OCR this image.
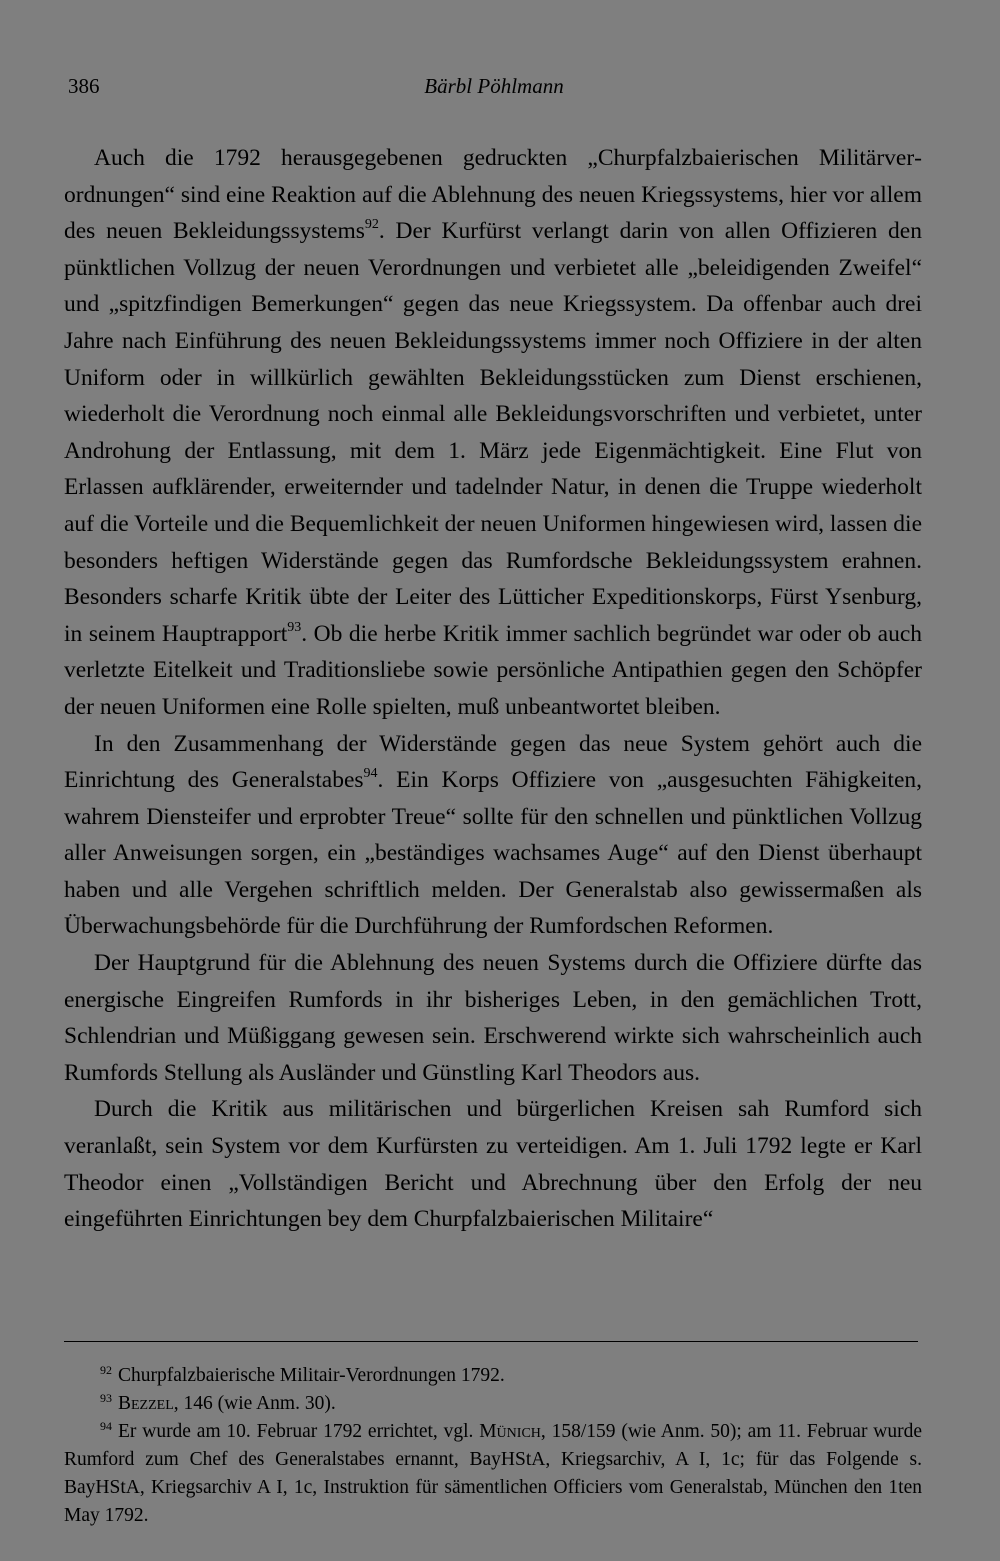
386	Bärbl Pöhlmann

Auch die 1792 herausgegebenen gedruckten „Churpfalzbaierischen Militärverordnungen“ sind eine Reaktion auf die Ablehnung des neuen Kriegssystems, hier vor allem des neuen Bekleidungssystems$^{92}$. Der Kurfürst verlangt darin von allen Offizieren den pünktlichen Vollzug der neuen Verordnungen und verbietet alle „beleidigenden Zweifel“ und „spitzfindigen Bemerkungen“ gegen das neue Kriegssystem. Da offenbar auch drei Jahre nach Einführung des neuen Bekleidungssystems immer noch Offiziere in der alten Uniform oder in willkürlich gewählten Bekleidungsstücken zum Dienst erschienen, wiederholt die Verordnung noch einmal alle Bekleidungsvorschriften und verbietet, unter Androhung der Entlassung, mit dem 1. März jede Eigenmächtigkeit. Eine Flut von Erlassen aufklärender, erweiternder und tadelnder Natur, in denen die Truppe wiederholt auf die Vorteile und die Bequemlichkeit der neuen Uniformen hingewiesen wird, lassen die besonders heftigen Widerstände gegen das Rumfordsche Bekleidungssystem erahnen. Besonders scharfe Kritik übte der Leiter des Lütticher Expeditionskorps, Fürst Ysenburg, in seinem Hauptrapport$^{93}$. Ob die herbe Kritik immer sachlich begründet war oder ob auch verletzte Eitelkeit und Traditionsliebe sowie persönliche Antipathien gegen den Schöpfer der neuen Uniformen eine Rolle spielten, muß unbeantwortet bleiben.

In den Zusammenhang der Widerstände gegen das neue System gehört auch die Einrichtung des Generalstabes$^{94}$. Ein Korps Offiziere von „ausgesuchten Fähigkeiten, wahrem Diensteifer und erprobter Treue“ sollte für den schnellen und pünktlichen Vollzug aller Anweisungen sorgen, ein „beständiges wachsames Auge“ auf den Dienst überhaupt haben und alle Vergehen schriftlich melden. Der Generalstab also gewissermaßen als Überwachungsbehörde für die Durchführung der Rumfordschen Reformen.

Der Hauptgrund für die Ablehnung des neuen Systems durch die Offiziere dürfte das energische Eingreifen Rumfords in ihr bisheriges Leben, in den gemächlichen Trott, Schlendrian und Müßiggang gewesen sein. Erschwerend wirkte sich wahrscheinlich auch Rumfords Stellung als Ausländer und Günstling Karl Theodors aus.

Durch die Kritik aus militärischen und bürgerlichen Kreisen sah Rumford sich veranlaßt, sein System vor dem Kurfürsten zu verteidigen. Am 1. Juli 1792 legte er Karl Theodor einen „Vollständigen Bericht und Abrechnung über den Erfolg der neu eingeführten Einrichtungen bey dem Churpfalzbaierischen Militaire“

92 Churpfalzbaierische Militair-Verordnungen 1792.
93 Bezzel, 146 (wie Anm. 30).
94 Er wurde am 10. Februar 1792 errichtet, vgl. Münich, 158/159 (wie Anm. 50); am 11. Februar wurde Rumford zum Chef des Generalstabes ernannt, BayHStA, Kriegsarchiv, A I, 1c; für das Folgende s. BayHStA, Kriegsarchiv A I, 1c, Instruktion für sämentlichen Officiers vom Generalstab, München den 1ten May 1792.
